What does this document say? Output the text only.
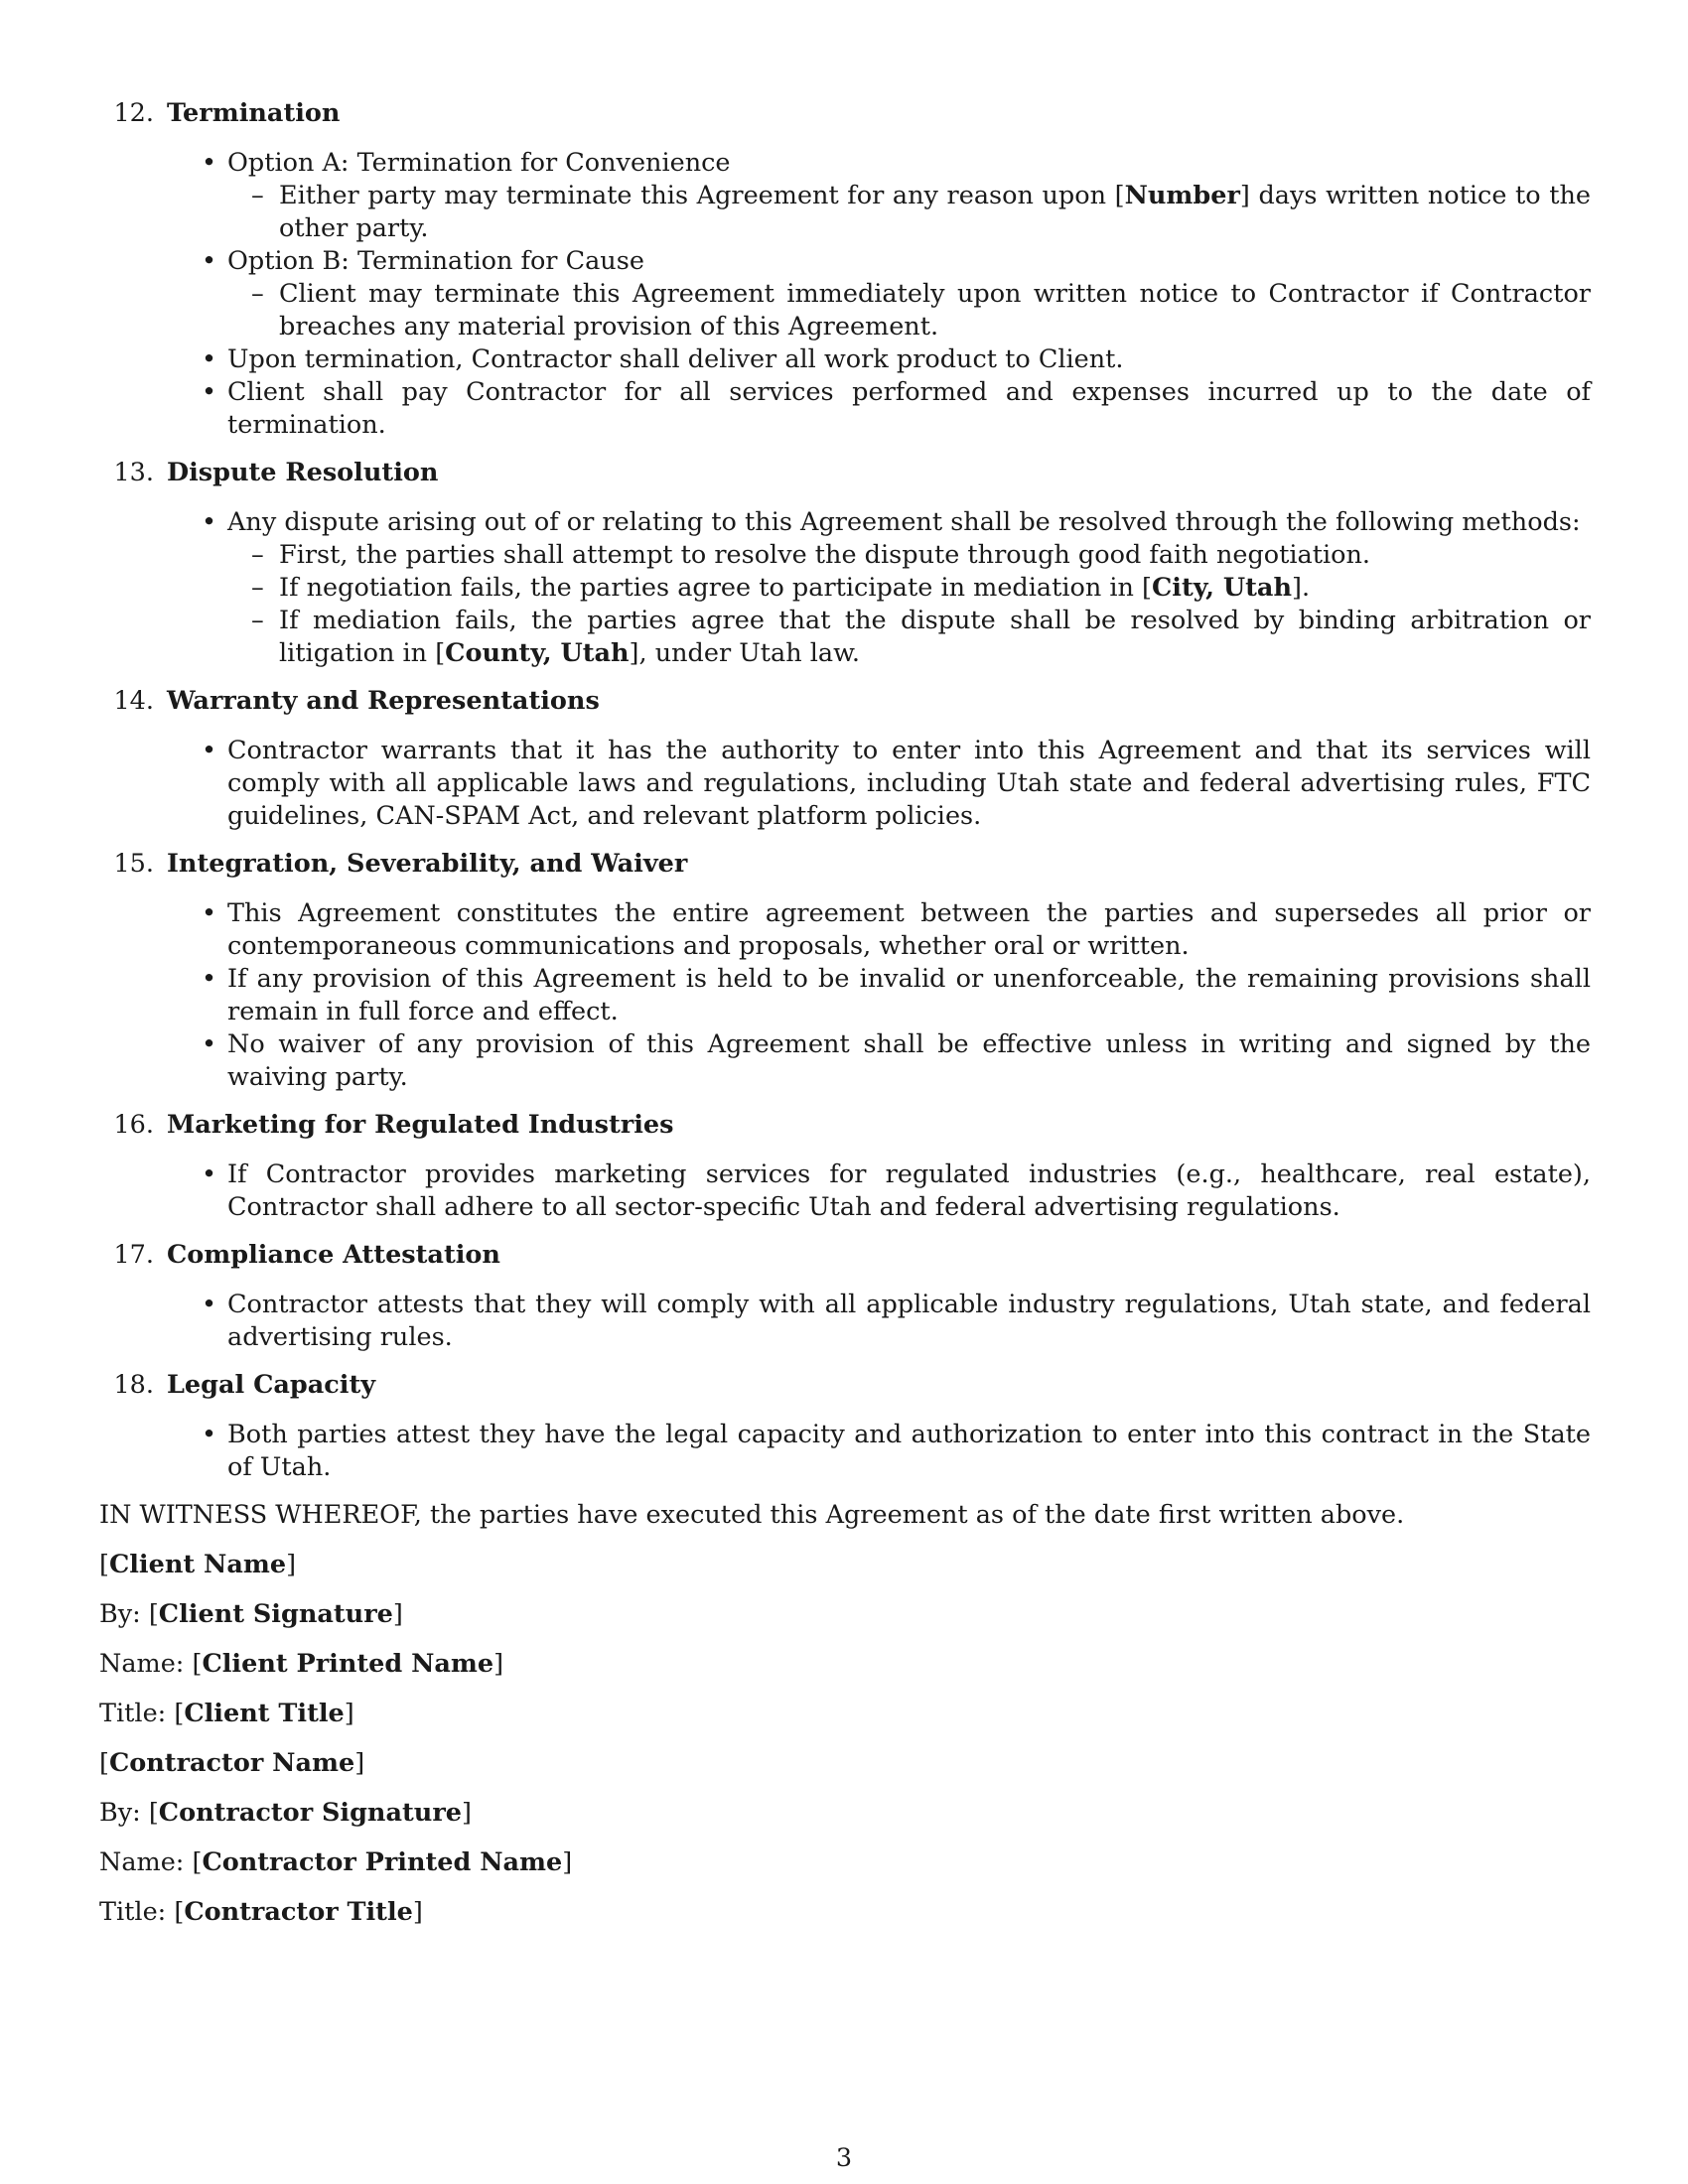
12. Termination
• Option A: Termination for Convenience
– Either party may terminate this Agreement for any reason upon [Number] days written notice to the other party.
• Option B: Termination for Cause
– Client may terminate this Agreement immediately upon written notice to Contractor if Contractor breaches any material provision of this Agreement.
• Upon termination, Contractor shall deliver all work product to Client.
• Client shall pay Contractor for all services performed and expenses incurred up to the date of termination.
13. Dispute Resolution
• Any dispute arising out of or relating to this Agreement shall be resolved through the following methods:
– First, the parties shall attempt to resolve the dispute through good faith negotiation.
– If negotiation fails, the parties agree to participate in mediation in [City, Utah].
– If mediation fails, the parties agree that the dispute shall be resolved by binding arbitration or litigation in [County, Utah], under Utah law.
14. Warranty and Representations
• Contractor warrants that it has the authority to enter into this Agreement and that its services will comply with all applicable laws and regulations, including Utah state and federal advertising rules, FTC guidelines, CAN-SPAM Act, and relevant platform policies.
15. Integration, Severability, and Waiver
• This Agreement constitutes the entire agreement between the parties and supersedes all prior or contemporaneous communications and proposals, whether oral or written.
• If any provision of this Agreement is held to be invalid or unenforceable, the remaining provisions shall remain in full force and effect.
• No waiver of any provision of this Agreement shall be effective unless in writing and signed by the waiving party.
16. Marketing for Regulated Industries
• If Contractor provides marketing services for regulated industries (e.g., healthcare, real estate), Contractor shall adhere to all sector-specific Utah and federal advertising regulations.
17. Compliance Attestation
• Contractor attests that they will comply with all applicable industry regulations, Utah state, and federal advertising rules.
18. Legal Capacity
• Both parties attest they have the legal capacity and authorization to enter into this contract in the State of Utah.
IN WITNESS WHEREOF, the parties have executed this Agreement as of the date first written above.
[Client Name]
By: [Client Signature]
Name: [Client Printed Name]
Title: [Client Title]
[Contractor Name]
By: [Contractor Signature]
Name: [Contractor Printed Name]
Title: [Contractor Title]
3
